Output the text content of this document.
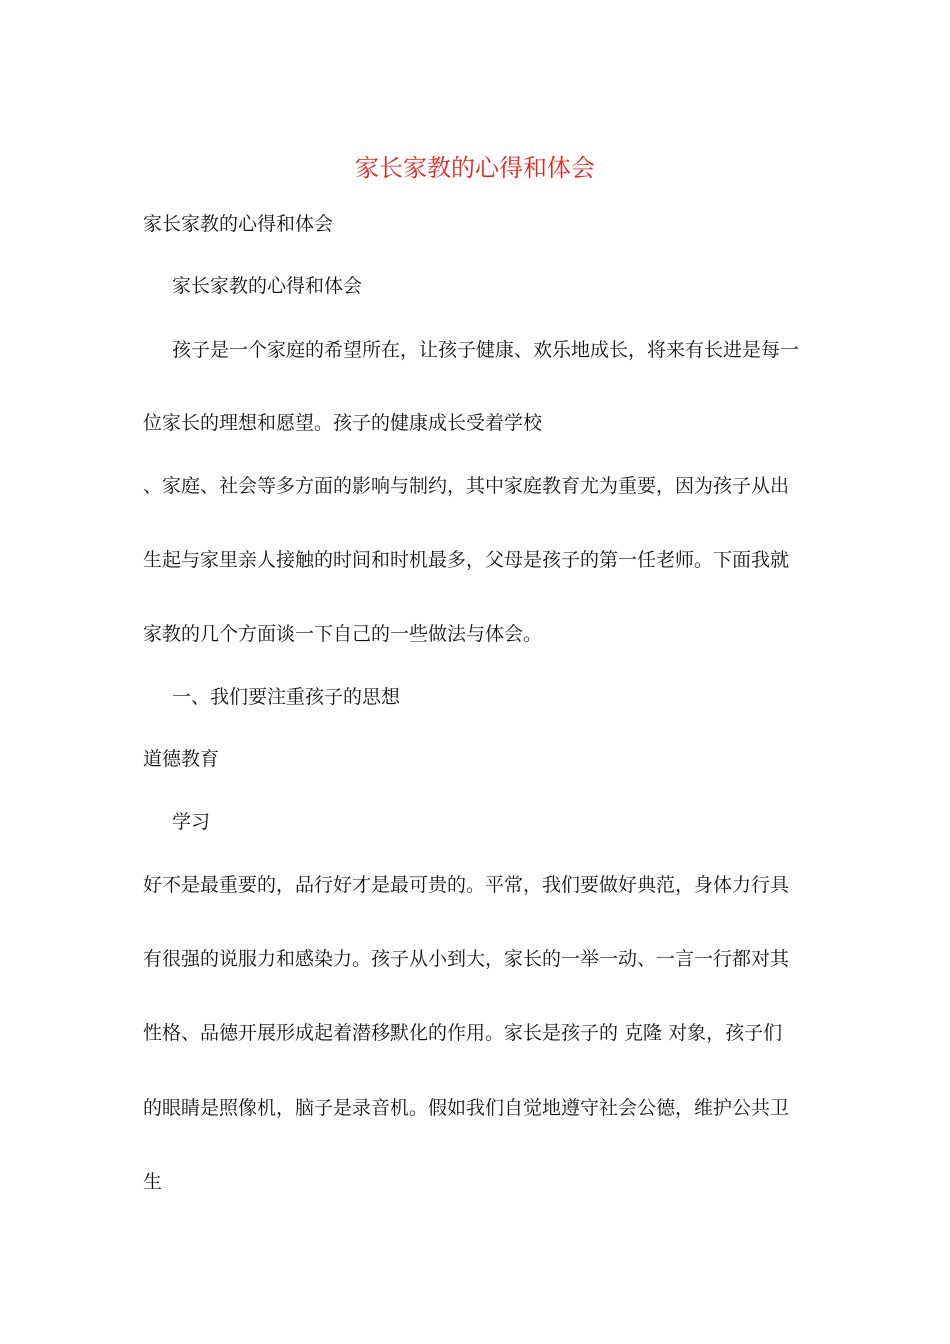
家长家教的心得和体会
家长家教的心得和体会
家长家教的心得和体会
孩子是一个家庭的希望所在，让孩子健康、欢乐地成长，将来有长进是每一
位家长的理想和愿望。孩子的健康成长受着学校
、家庭、社会等多方面的影响与制约，其中家庭教育尤为重要，因为孩子从出
生起与家里亲人接触的时间和时机最多，父母是孩子的第一任老师。下面我就
家教的几个方面谈一下自己的一些做法与体会。
一、我们要注重孩子的思想
道德教育
学习
好不是最重要的，品行好才是最可贵的。平常，我们要做好典范，身体力行具
有很强的说服力和感染力。孩子从小到大，家长的一举一动、一言一行都对其
性格、品德开展形成起着潜移默化的作用。家长是孩子的 克隆 对象，孩子们
的眼睛是照像机，脑子是录音机。假如我们自觉地遵守社会公德，维护公共卫
生
